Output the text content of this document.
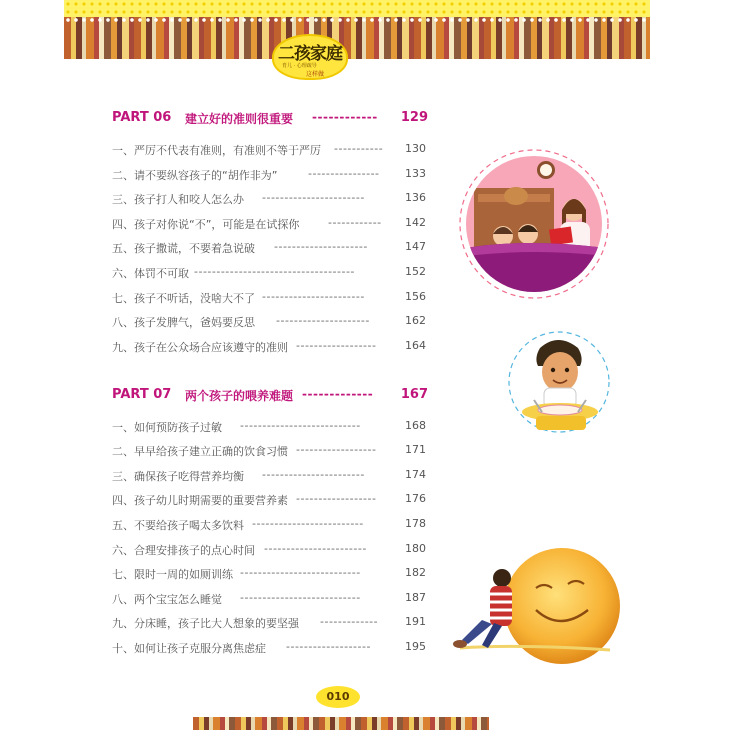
二孩家庭
育儿 · 心理疏导
这样做
PART 06 建立好的准则很重要 ------------	129
一、严厉不代表有准则，有准则不等于严厉 -----------	130
二、请不要纵容孩子的“胡作非为”	----------------	133
三、孩子打人和咬人怎么办 -----------------------	136
四、孩子对你说“不”，可能是在试探你	------------	142
五、孩子撒谎，不要着急说破 ---------------------	147
六、体罚不可取 ------------------------------------	152
七、孩子不听话，没啥大不了 -----------------------	156
八、孩子发脾气，爸妈要反思 ---------------------	162
九、孩子在公众场合应该遵守的准则 ------------------	164
PART 07 两个孩子的喂养难题 -------------	167
一、如何预防孩子过敏 ---------------------------	168
二、早早给孩子建立正确的饮食习惯 ------------------	171
三、确保孩子吃得营养均衡 -----------------------	174
四、孩子幼儿时期需要的重要营养素 ------------------	176
五、不要给孩子喝太多饮料 -------------------------	178
六、合理安排孩子的点心时间 -----------------------	180
七、限时一周的如厕训练 ---------------------------	182
八、两个宝宝怎么睡觉 ---------------------------	187
九、分床睡，孩子比大人想象的要坚强 -------------	191
十、如何让孩子克服分离焦虑症 -------------------	195
010
